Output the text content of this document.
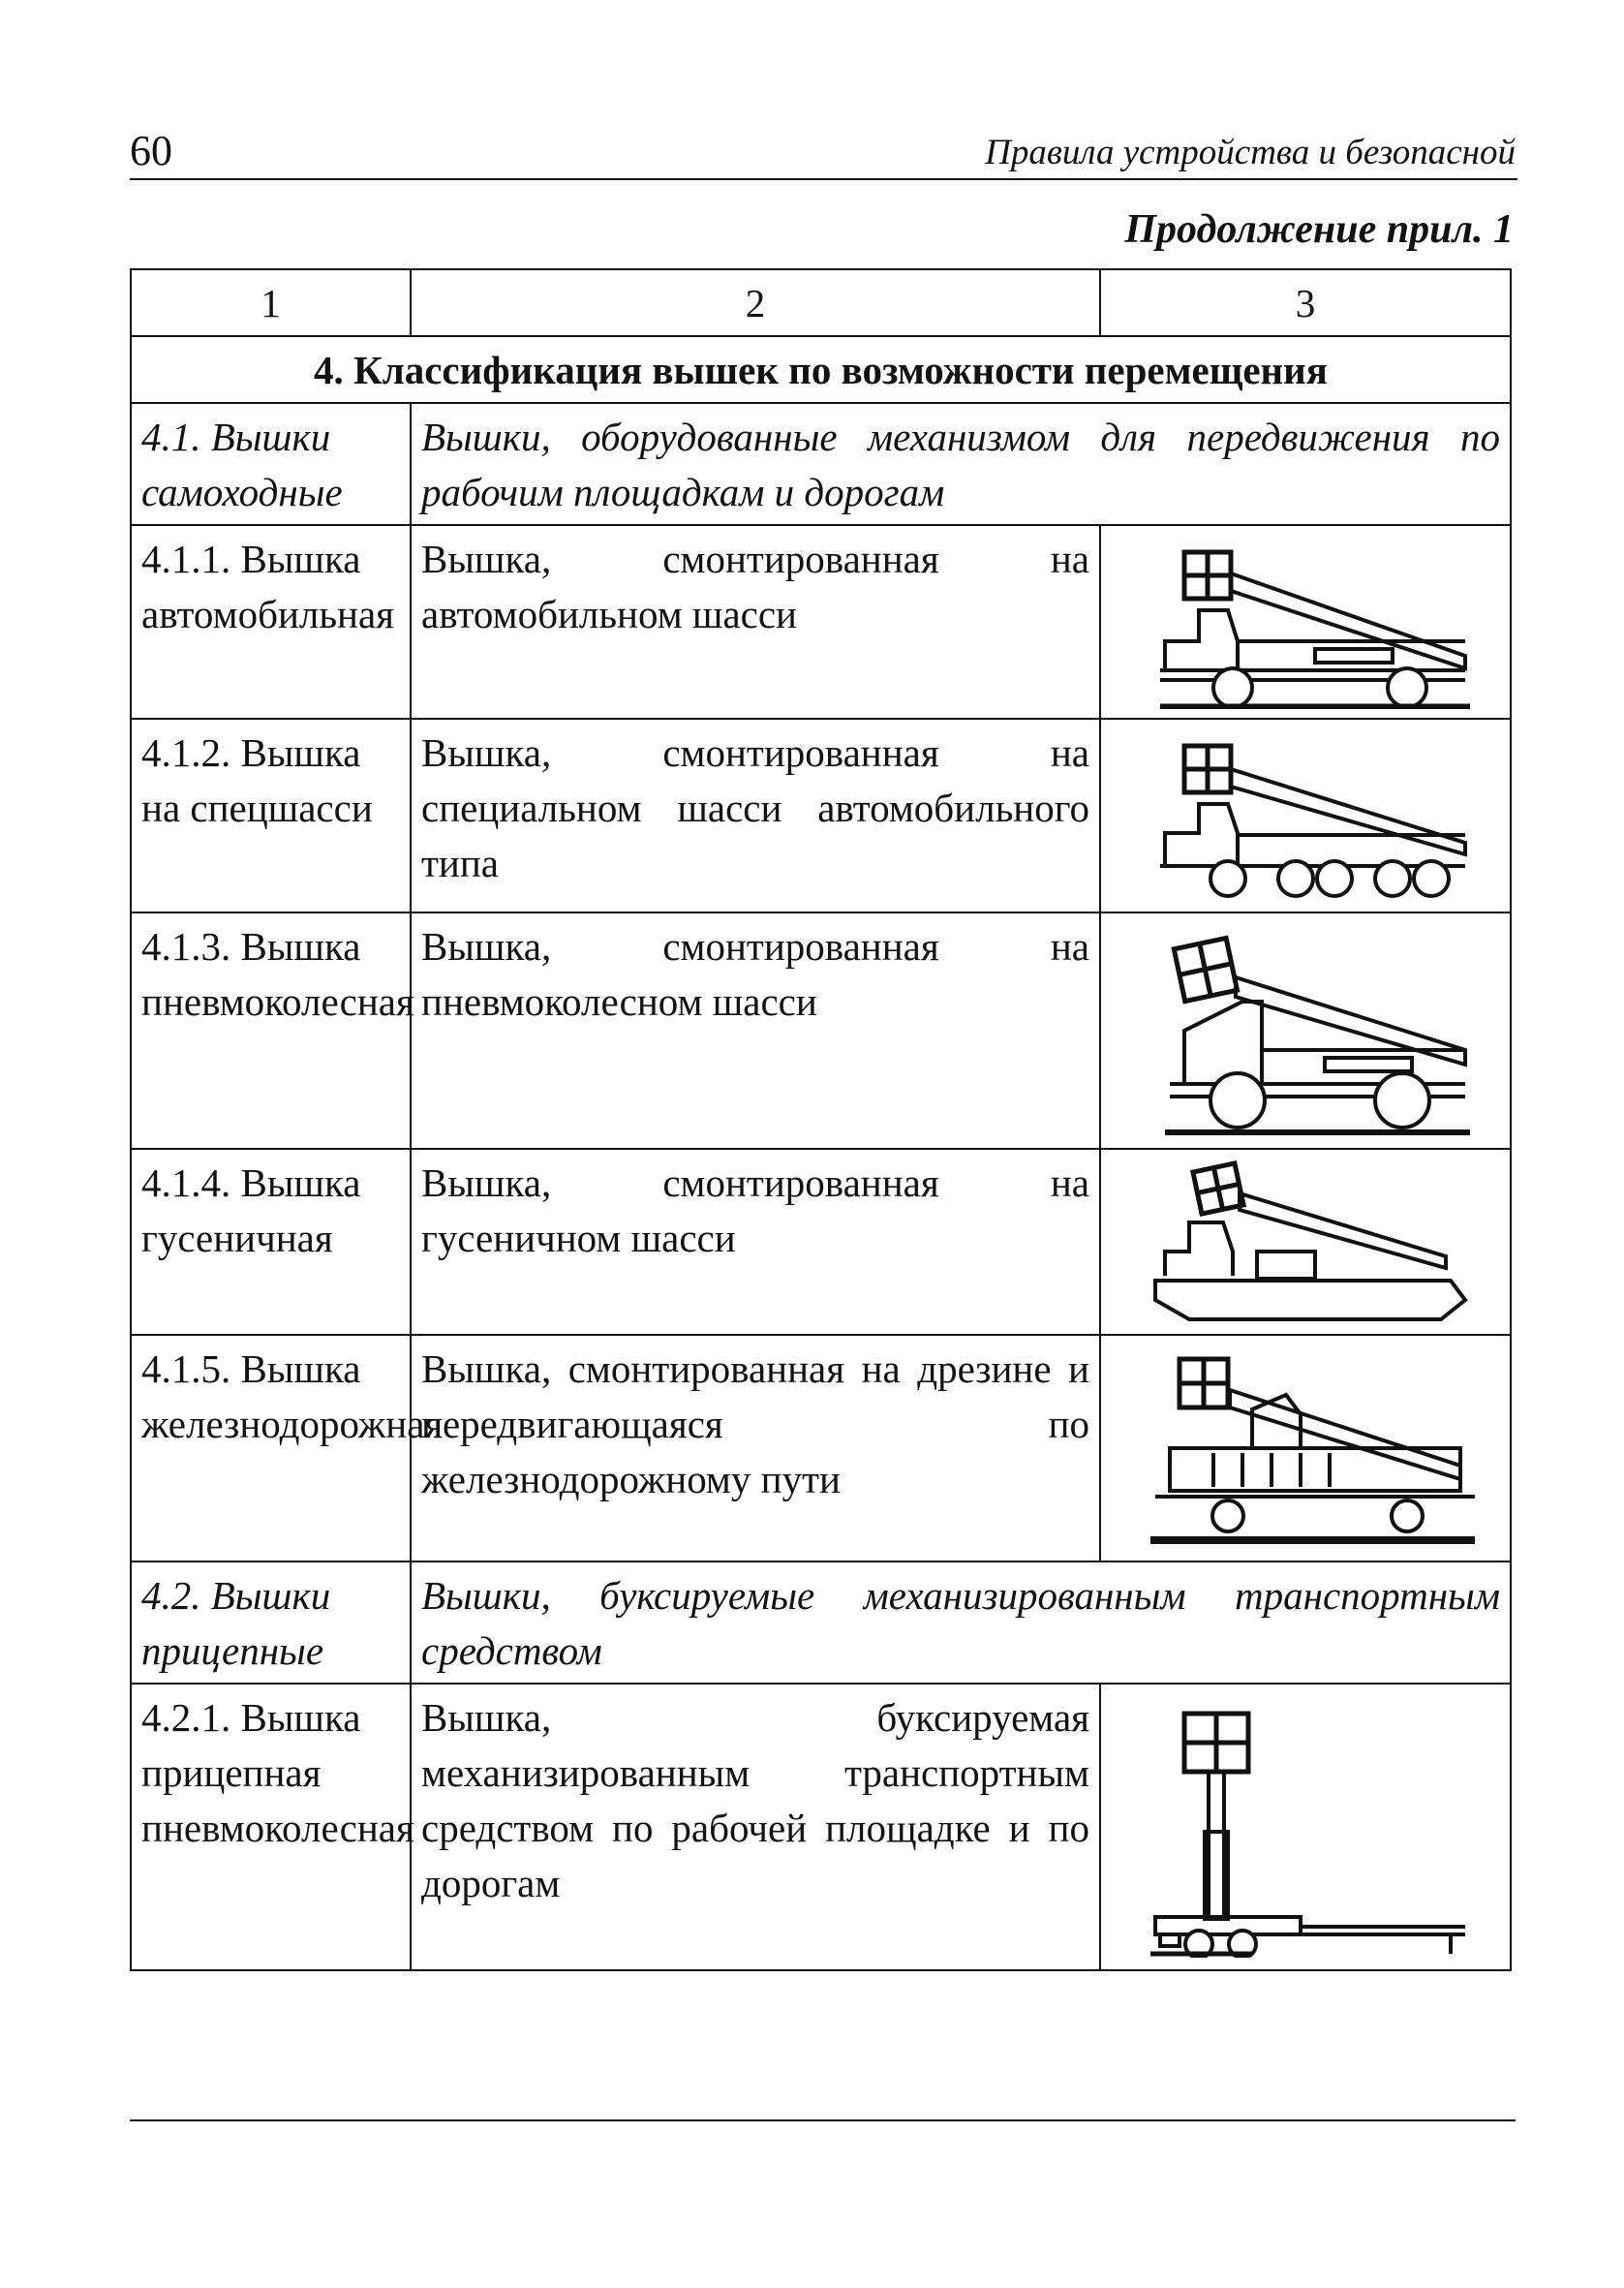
60	Правила устройства и безопасной
Продолжение прил. 1
1	2	3
4. Классификация вышек по возможности перемещения		
4.1. Вышки самоходные	Вышки, оборудованные механизмом для передвижения по рабочим площадкам и дорогам	
4.1.1. Вышка автомобильная	Вышка, смонтированная на автомобильном шасси	

4.1.2. Вышка на спецшасси	Вышка, смонтированная на специальном шасси автомобильного типа	

4.1.3. Вышка пневмоколесная	Вышка, смонтированная на пневмоколесном шасси	

4.1.4. Вышка гусеничная	Вышка, смонтированная на гусеничном шасси	

4.1.5. Вышка железнодорожная	Вышка, смонтированная на дрезине и передвигающаяся по железнодорожному пути	

4.2. Вышки прицепные	Вышки, буксируемые механизированным транспортным средством	
4.2.1. Вышка прицепная пневмоколесная	Вышка, буксируемая механизированным транспортным средством по рабочей площадке и по дорогам	
